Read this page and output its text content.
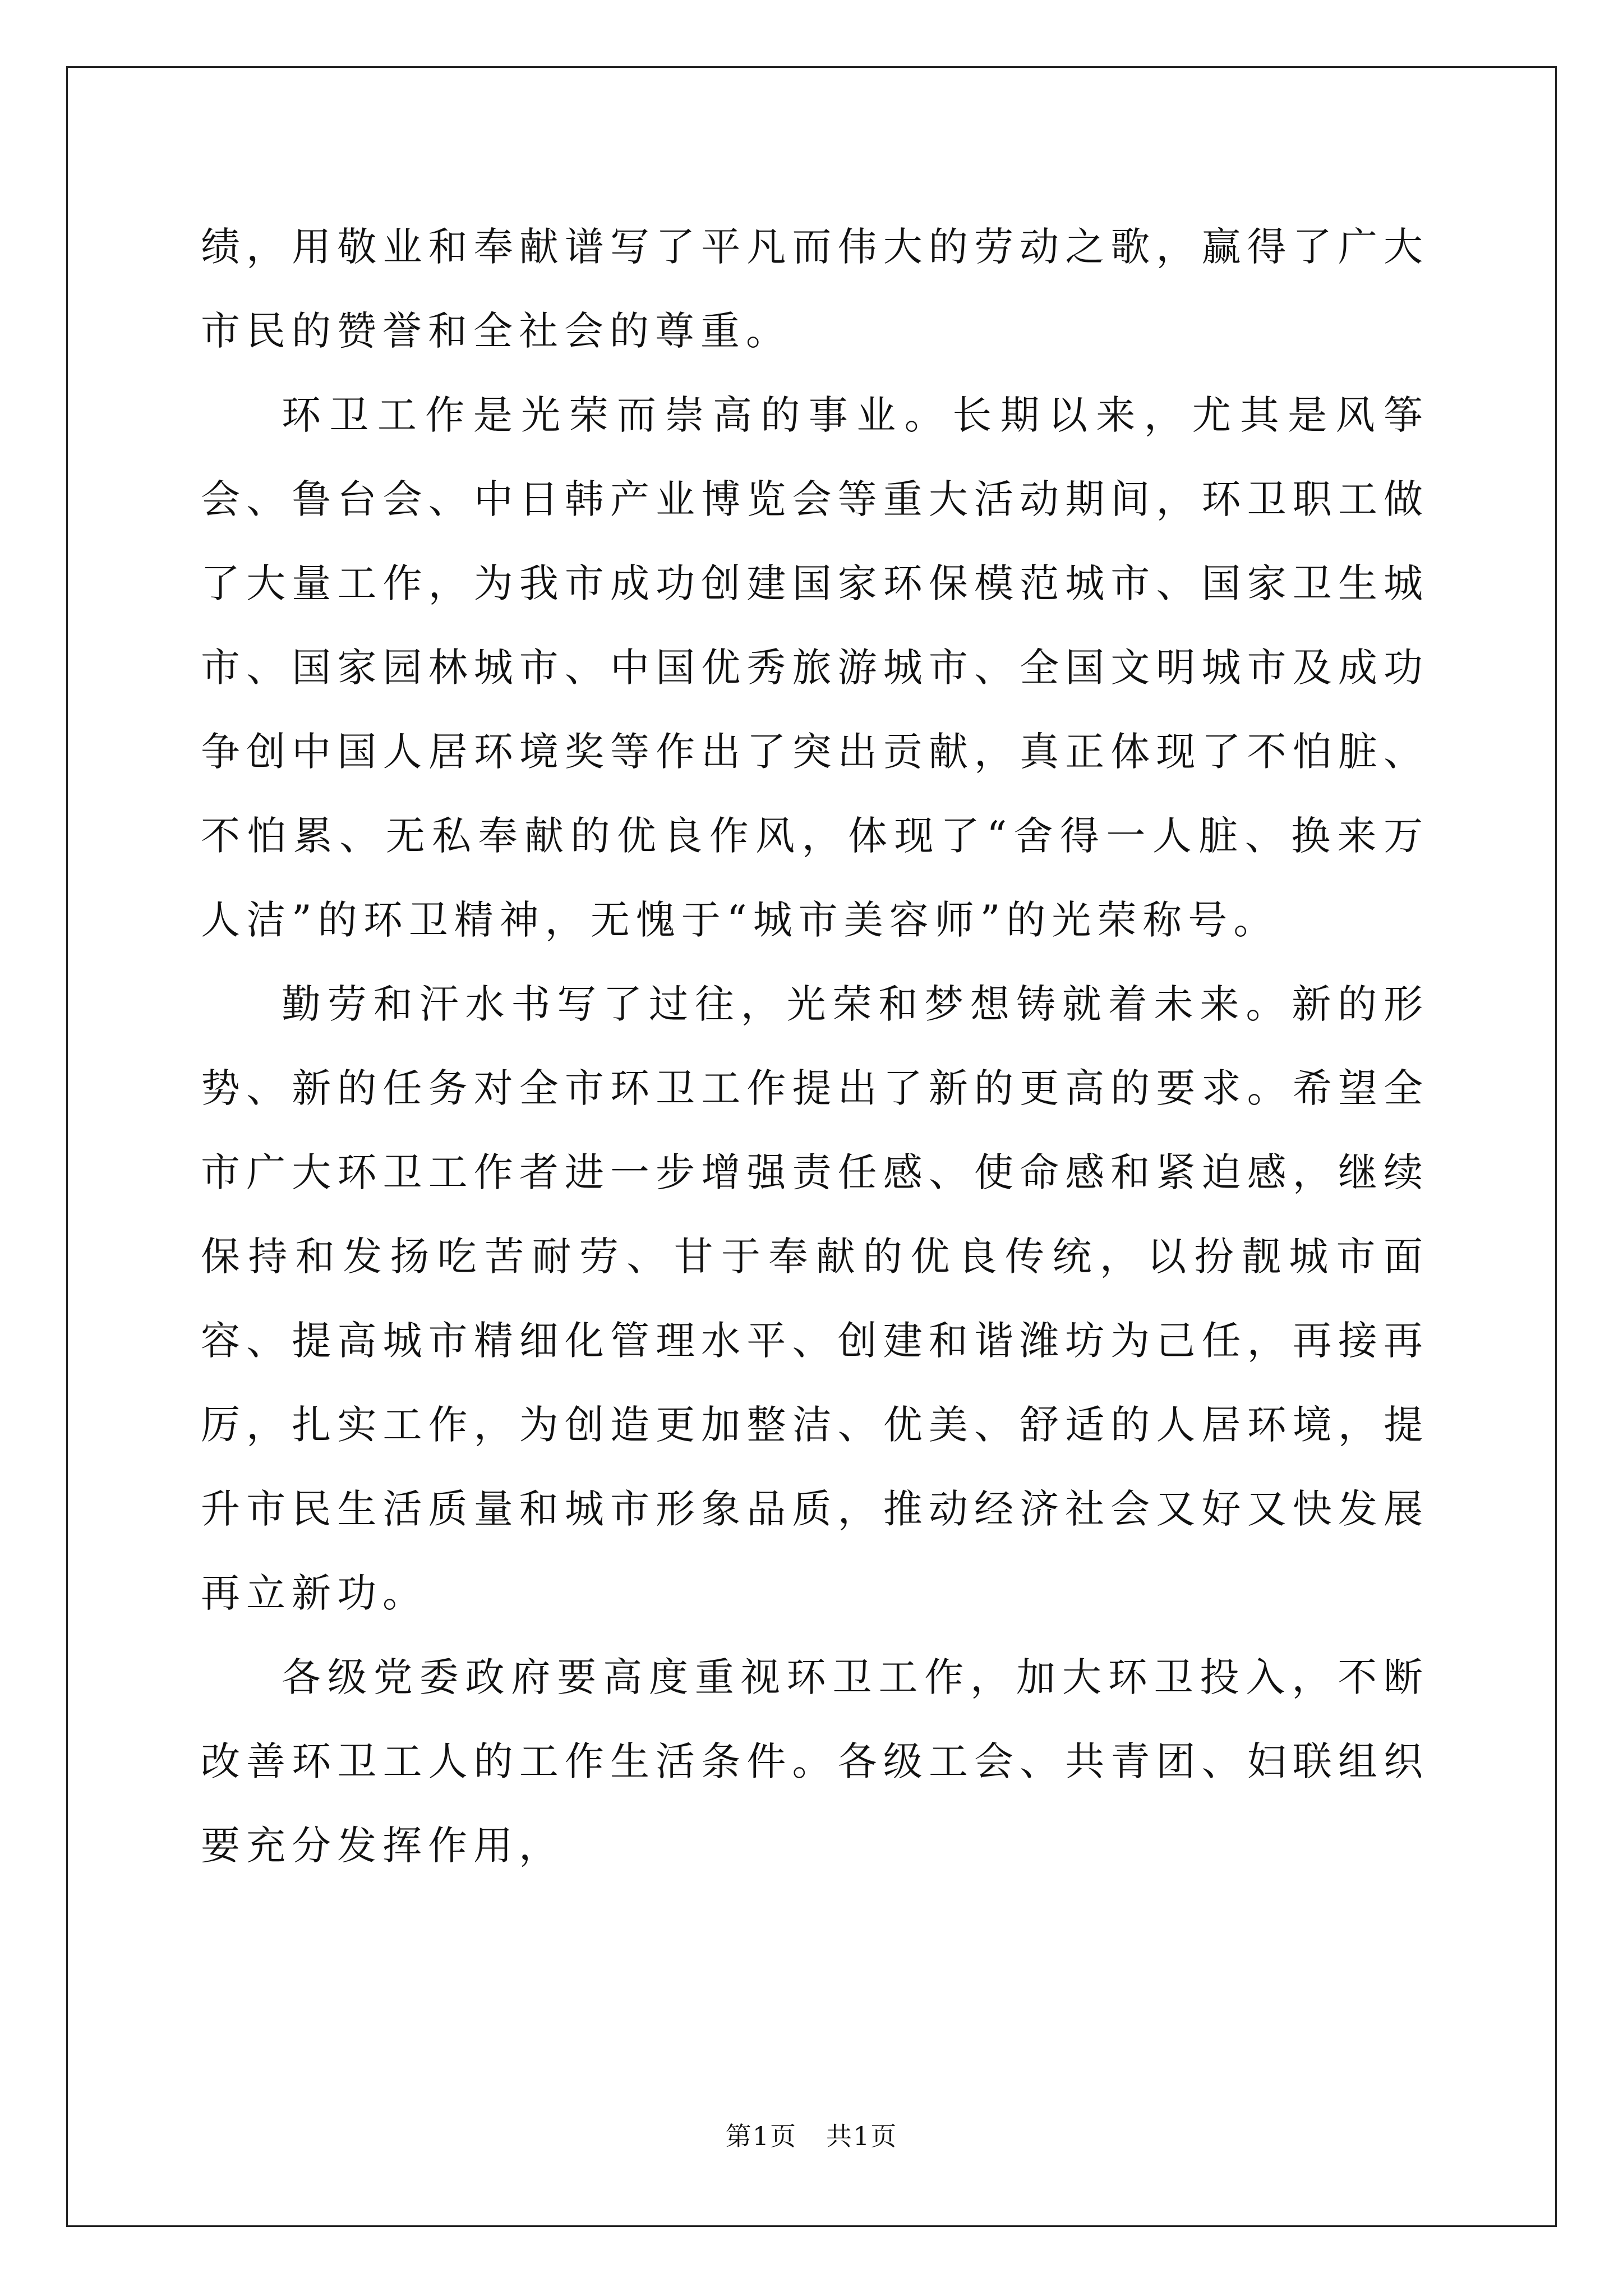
绩，用敬业和奉献谱写了平凡而伟大的劳动之歌，赢得了广大市民的赞誉和全社会的尊重。

环卫工作是光荣而崇高的事业。长期以来，尤其是风筝会、鲁台会、中日韩产业博览会等重大活动期间，环卫职工做了大量工作，为我市成功创建国家环保模范城市、国家卫生城市、国家园林城市、中国优秀旅游城市、全国文明城市及成功争创中国人居环境奖等作出了突出贡献，真正体现了不怕脏、不怕累、无私奉献的优良作风，体现了“舍得一人脏、换来万人洁”的环卫精神，无愧于“城市美容师”的光荣称号。

勤劳和汗水书写了过往，光荣和梦想铸就着未来。新的形势、新的任务对全市环卫工作提出了新的更高的要求。希望全市广大环卫工作者进一步增强责任感、使命感和紧迫感，继续保持和发扬吃苦耐劳、甘于奉献的优良传统，以扮靓城市面容、提高城市精细化管理水平、创建和谐潍坊为己任，再接再厉，扎实工作，为创造更加整洁、优美、舒适的人居环境，提升市民生活质量和城市形象品质，推动经济社会又好又快发展再立新功。

各级党委政府要高度重视环卫工作，加大环卫投入，不断改善环卫工人的工作生活条件。各级工会、共青团、妇联组织要充分发挥作用，

第1页 共1页
